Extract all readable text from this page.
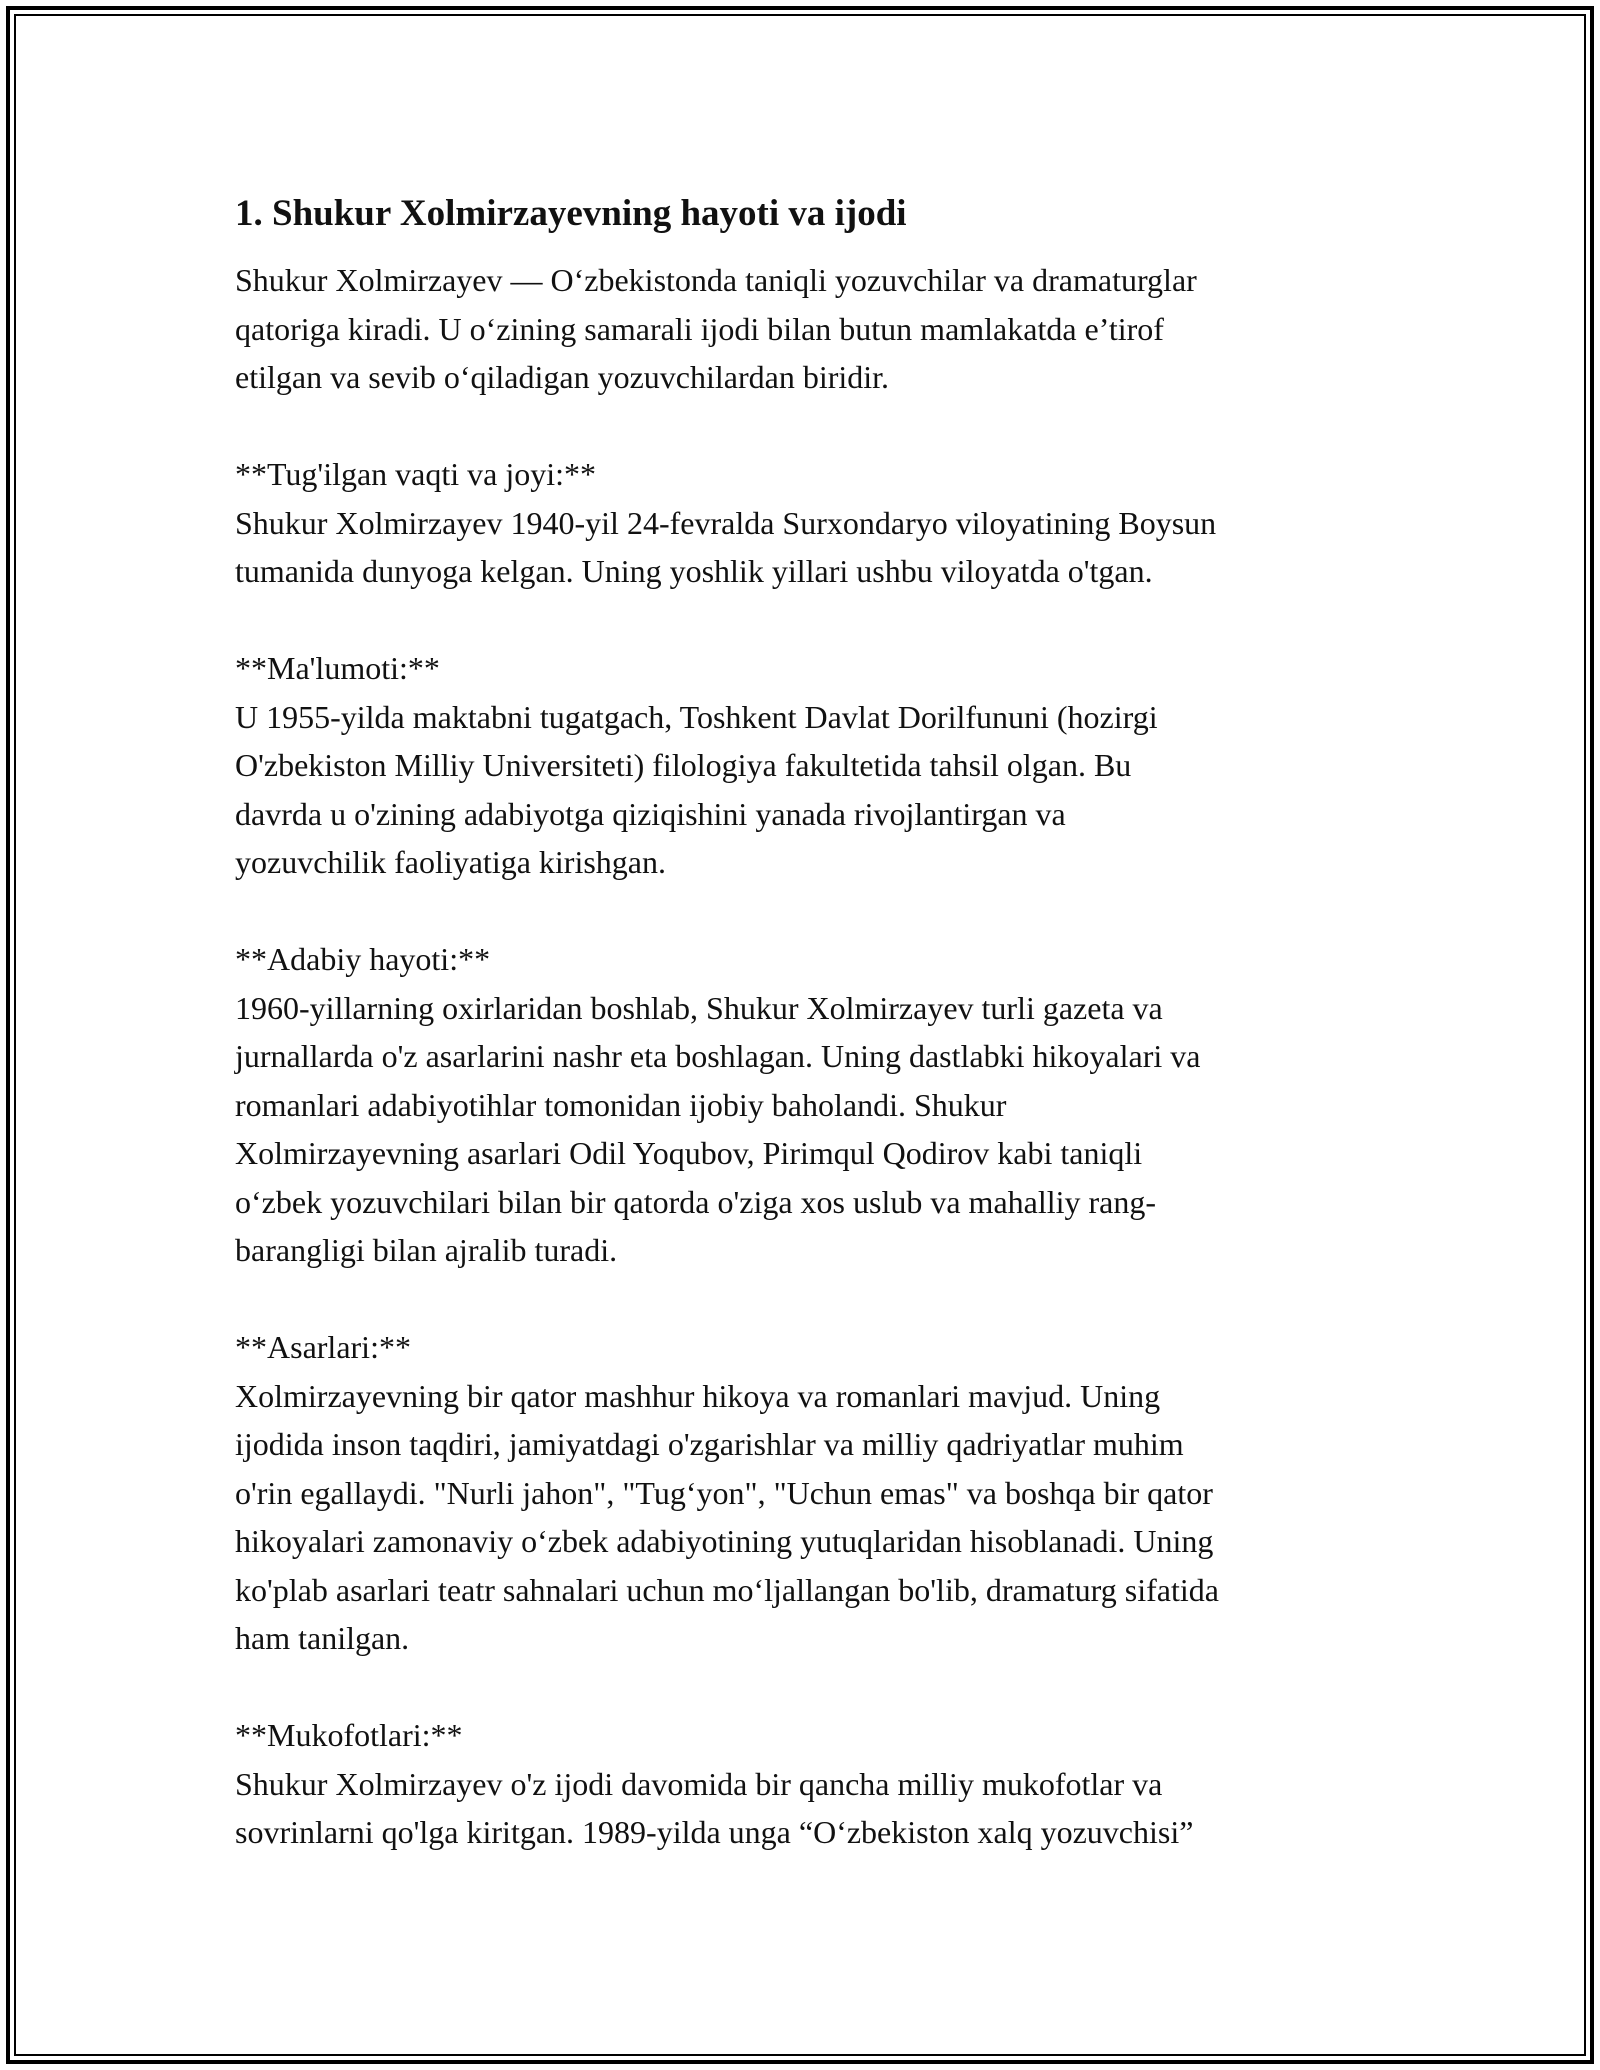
1. Shukur Xolmirzayevning hayoti va ijodi
Shukur Xolmirzayev — O‘zbekistonda taniqli yozuvchilar va dramaturglar
qatoriga kiradi. U o‘zining samarali ijodi bilan butun mamlakatda e’tirof
etilgan va sevib o‘qiladigan yozuvchilardan biridir.
**Tug'ilgan vaqti va joyi:**
Shukur Xolmirzayev 1940-yil 24-fevralda Surxondaryo viloyatining Boysun
tumanida dunyoga kelgan. Uning yoshlik yillari ushbu viloyatda o'tgan.
**Ma'lumoti:**
U 1955-yilda maktabni tugatgach, Toshkent Davlat Dorilfununi (hozirgi
O'zbekiston Milliy Universiteti) filologiya fakultetida tahsil olgan. Bu
davrda u o'zining adabiyotga qiziqishini yanada rivojlantirgan va
yozuvchilik faoliyatiga kirishgan.
**Adabiy hayoti:**
1960-yillarning oxirlaridan boshlab, Shukur Xolmirzayev turli gazeta va
jurnallarda o'z asarlarini nashr eta boshlagan. Uning dastlabki hikoyalari va
romanlari adabiyotihlar tomonidan ijobiy baholandi. Shukur
Xolmirzayevning asarlari Odil Yoqubov, Pirimqul Qodirov kabi taniqli
o‘zbek yozuvchilari bilan bir qatorda o'ziga xos uslub va mahalliy rang-
barangligi bilan ajralib turadi.
**Asarlari:**
Xolmirzayevning bir qator mashhur hikoya va romanlari mavjud. Uning
ijodida inson taqdiri, jamiyatdagi o'zgarishlar va milliy qadriyatlar muhim
o'rin egallaydi. "Nurli jahon", "Tug‘yon", "Uchun emas" va boshqa bir qator
hikoyalari zamonaviy o‘zbek adabiyotining yutuqlaridan hisoblanadi. Uning
ko'plab asarlari teatr sahnalari uchun mo‘ljallangan bo'lib, dramaturg sifatida
ham tanilgan.
**Mukofotlari:**
Shukur Xolmirzayev o'z ijodi davomida bir qancha milliy mukofotlar va
sovrinlarni qo'lga kiritgan. 1989-yilda unga “O‘zbekiston xalq yozuvchisi”
